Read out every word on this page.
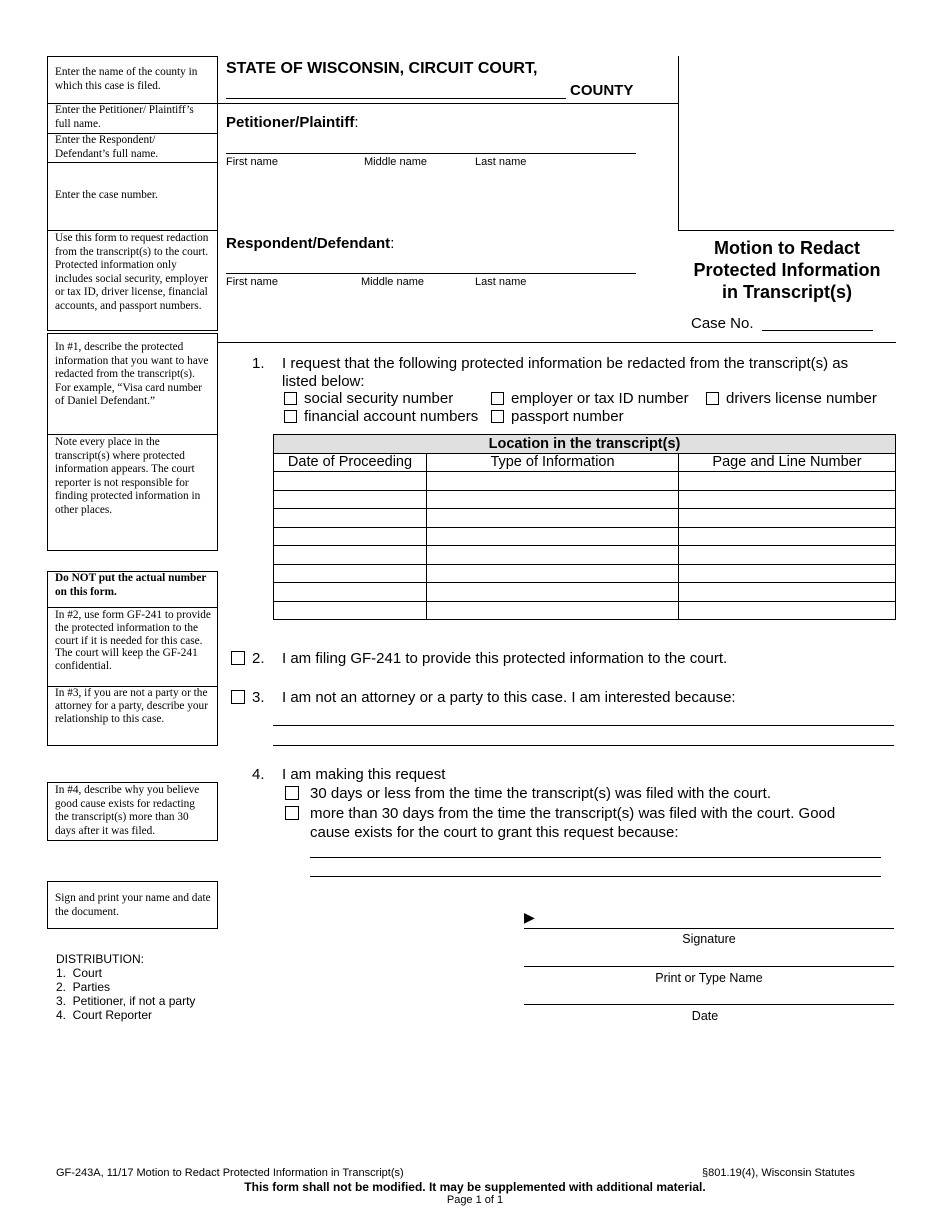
Enter the name of the county in which this case is filed.
Enter the Petitioner/ Plaintiff’s full name.
Enter the Respondent/ Defendant’s full name.
Enter the case number.
Use this form to request redaction from the transcript(s) to the court. Protected information only includes social security, employer or tax ID, driver license, financial accounts, and passport numbers.
In #1, describe the protected information that you want to have redacted from the transcript(s). For example, “Visa card number of Daniel Defendant.”
Note every place in the transcript(s) where protected information appears. The court reporter is not responsible for finding protected information in other places.
Do NOT put the actual number on this form.
In #2, use form GF-241 to provide the protected information to the court if it is needed for this case. The court will keep the GF-241 confidential.
In #3, if you are not a party or the attorney for a party, describe your relationship to this case.
In #4, describe why you believe good cause exists for redacting the transcript(s) more than 30 days after it was filed.
Sign and print your name and date the document.
DISTRIBUTION:
1.  Court
2.  Parties
3.  Petitioner, if not a party
4.  Court Reporter
STATE OF WISCONSIN, CIRCUIT COURT,
COUNTY
Petitioner/Plaintiff:
First name	Middle name	Last name
Respondent/Defendant:
First name	Middle name	Last name
Motion to Redact
Protected Information
in Transcript(s)
Case No.
1. I request that the following protected information be redacted from the transcript(s) as
listed below:
social security number	employer or tax ID number drivers license number
financial account numbers passport number
Location in the transcript(s)		
Date of Proceeding	Type of Information	Page and Line Number

2. I am filing GF-241 to provide this protected information to the court.
3. I am not an attorney or a party to this case. I am interested because:
4. I am making this request
30 days or less from the time the transcript(s) was filed with the court.
more than 30 days from the time the transcript(s) was filed with the court. Good
cause exists for the court to grant this request because:
▶
Signature
Print or Type Name
Date
GF-243A, 11/17 Motion to Redact Protected Information in Transcript(s)	§801.19(4), Wisconsin Statutes
This form shall not be modified. It may be supplemented with additional material.
Page 1 of 1
